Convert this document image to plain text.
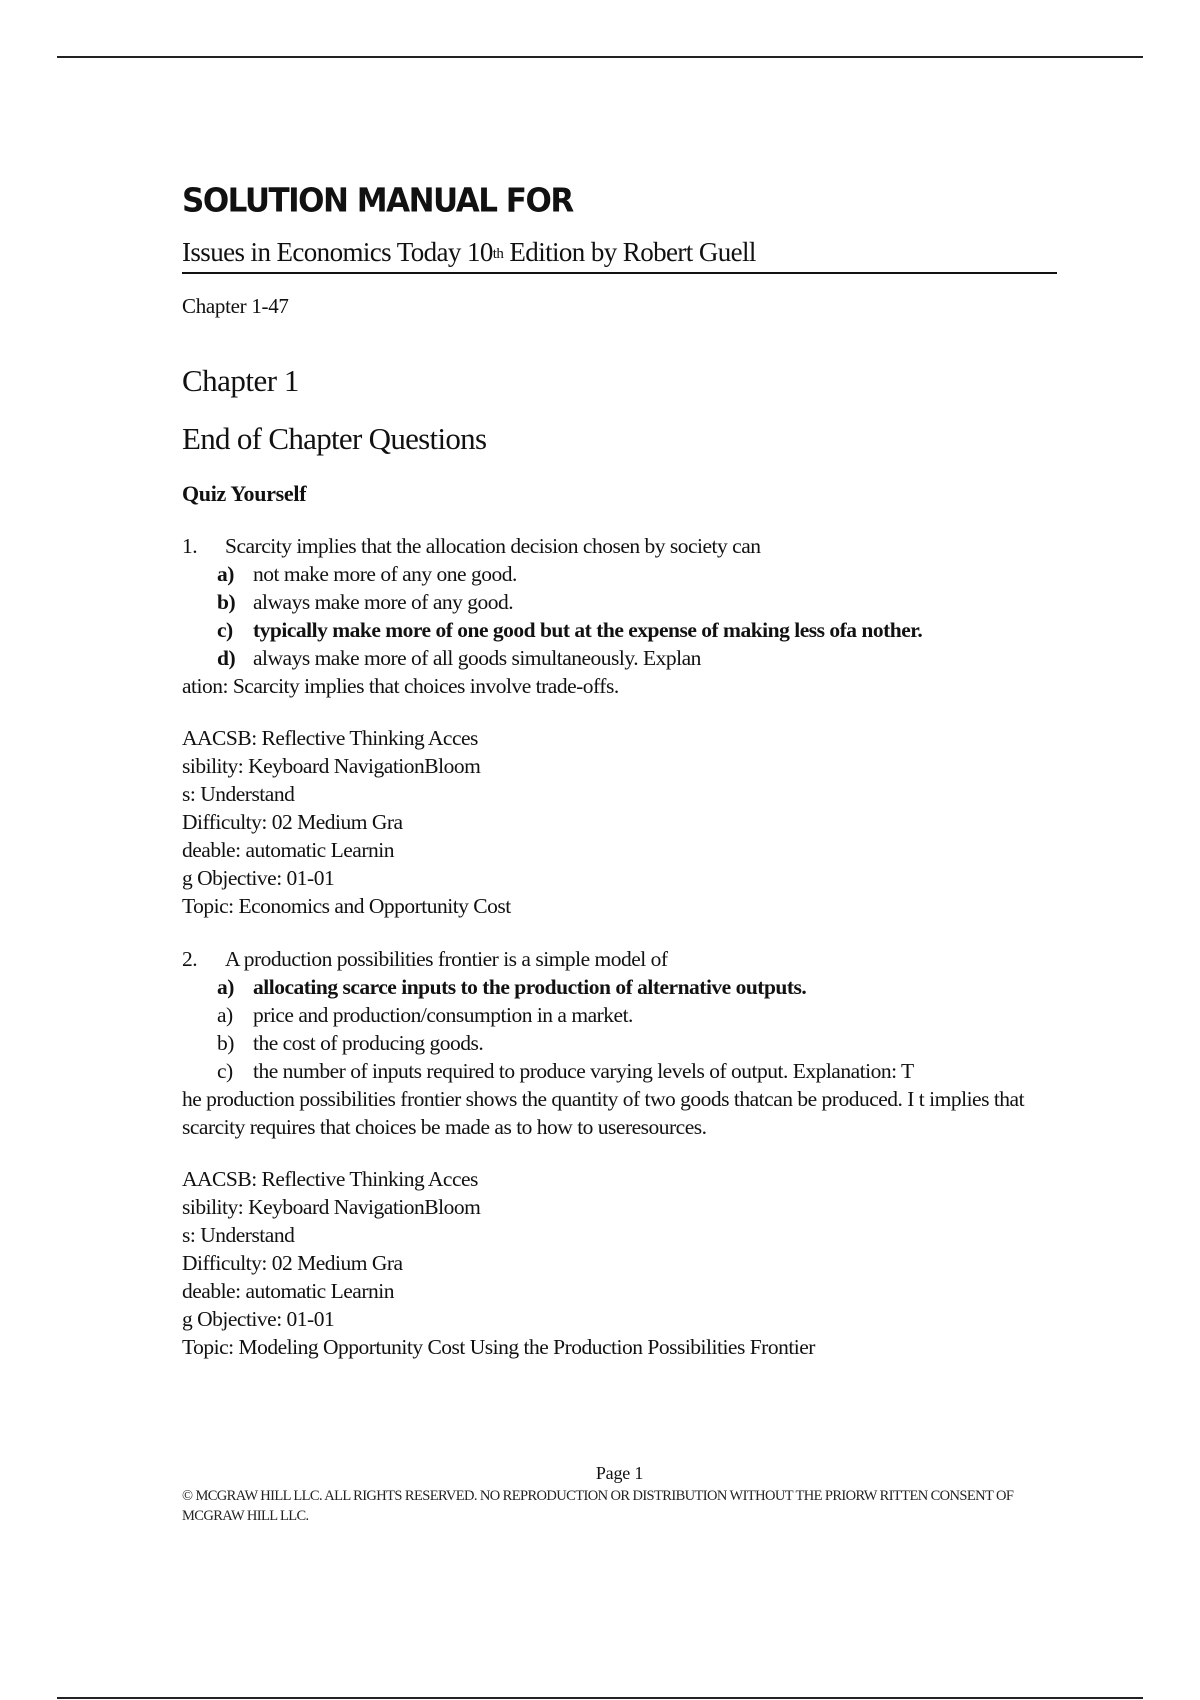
SOLUTION MANUAL FOR
Issues in Economics Today 10th Edition by Robert Guell
Chapter 1-47
Chapter 1
End of Chapter Questions
Quiz Yourself
1.	Scarcity implies that the allocation decision chosen by society can
a) not make more of any one good.
b) always make more of any good.
c) typically make more of one good but at the expense of making less ofa nother.
d) always make more of all goods simultaneously. Explan
ation: Scarcity implies that choices involve trade-offs.
AACSB: Reflective Thinking Acces
sibility: Keyboard NavigationBloom
s: Understand
Difficulty: 02 Medium Gra
deable: automatic Learnin
g Objective: 01-01
Topic: Economics and Opportunity Cost
2.	A production possibilities frontier is a simple model of
a) allocating scarce inputs to the production of alternative outputs.
a) price and production/consumption in a market.
b) the cost of producing goods.
c) the number of inputs required to produce varying levels of output. Explanation: T
he production possibilities frontier shows the quantity of two goods thatcan be produced. I t implies that scarcity requires that choices be made as to how to useresources.
AACSB: Reflective Thinking Acces
sibility: Keyboard NavigationBloom
s: Understand
Difficulty: 02 Medium Gra
deable: automatic Learnin
g Objective: 01-01
Topic: Modeling Opportunity Cost Using the Production Possibilities Frontier
Page 1
© MCGRAW HILL LLC. ALL RIGHTS RESERVED. NO REPRODUCTION OR DISTRIBUTION WITHOUT THE PRIORW RITTEN CONSENT OF MCGRAW HILL LLC.
